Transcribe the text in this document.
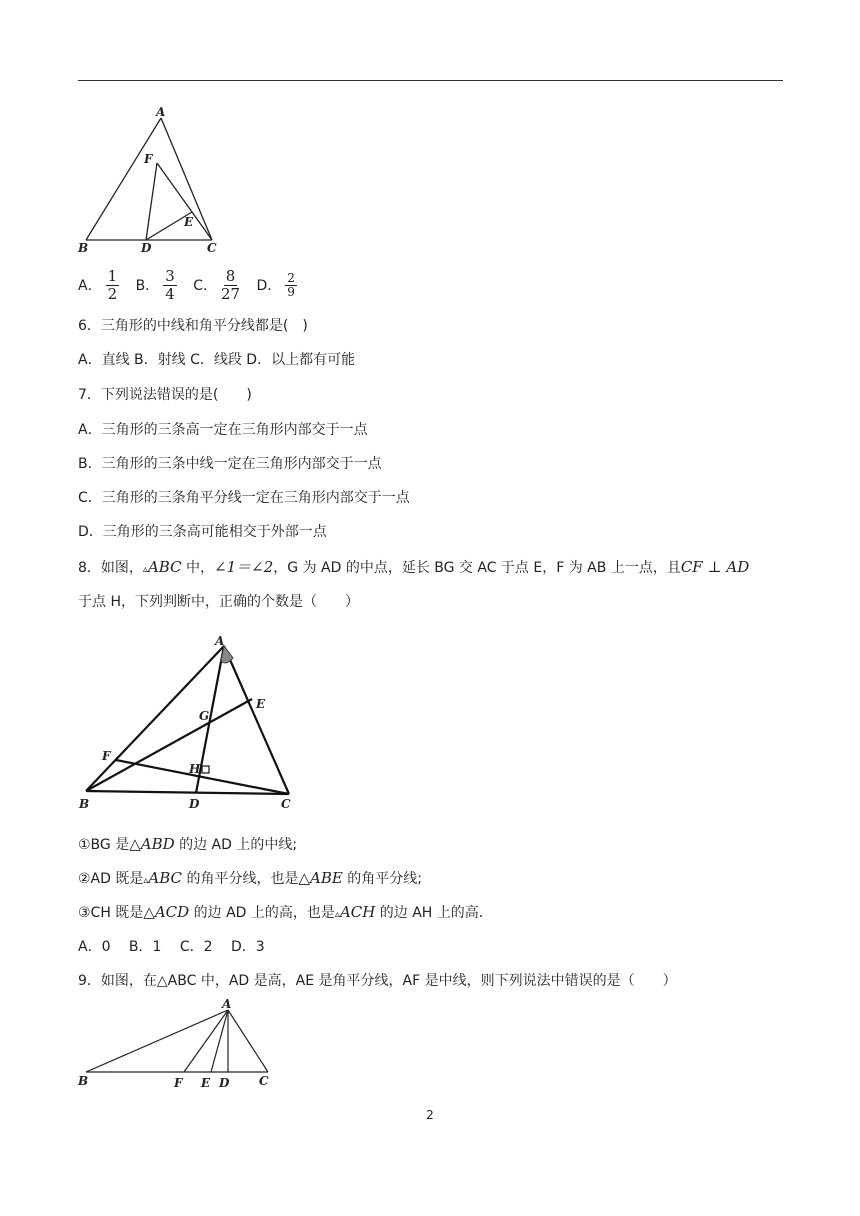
A
F
E
B	D	C
A． $\frac{1}{2}$ B． $\frac{3}{4}$ C． $\frac{8}{27}$ D． $\frac{2}{9}$
6．三角形的中线和角平分线都是(　)
A．直线 B．射线 C．线段 D．以上都有可能
7．下列说法错误的是(　　)
A．三角形的三条高一定在三角形内部交于一点
B．三角形的三条中线一定在三角形内部交于一点
C．三角形的三条角平分线一定在三角形内部交于一点
D．三角形的三条高可能相交于外部一点
8．如图，▵ABC 中，∠1＝∠2，G 为 AD 的中点，延长 BG 交 AC 于点 E，F 为 AB 上一点，且CF ⊥ AD
于点 H，下列判断中，正确的个数是（　　）
A
E
G
F
H
B	D	C
①BG 是△ABD 的边 AD 上的中线;
②AD 既是▵ABC 的角平分线，也是△ABE 的角平分线;
③CH 既是△ACD 的边 AD 上的高，也是▵ACH 的边 AH 上的高．
A．0　 B．1　 C．2　 D．3
9．如图，在△ABC 中，AD 是高，AE 是角平分线，AF 是中线，则下列说法中错误的是（　　）
A
B	F E D C
2
